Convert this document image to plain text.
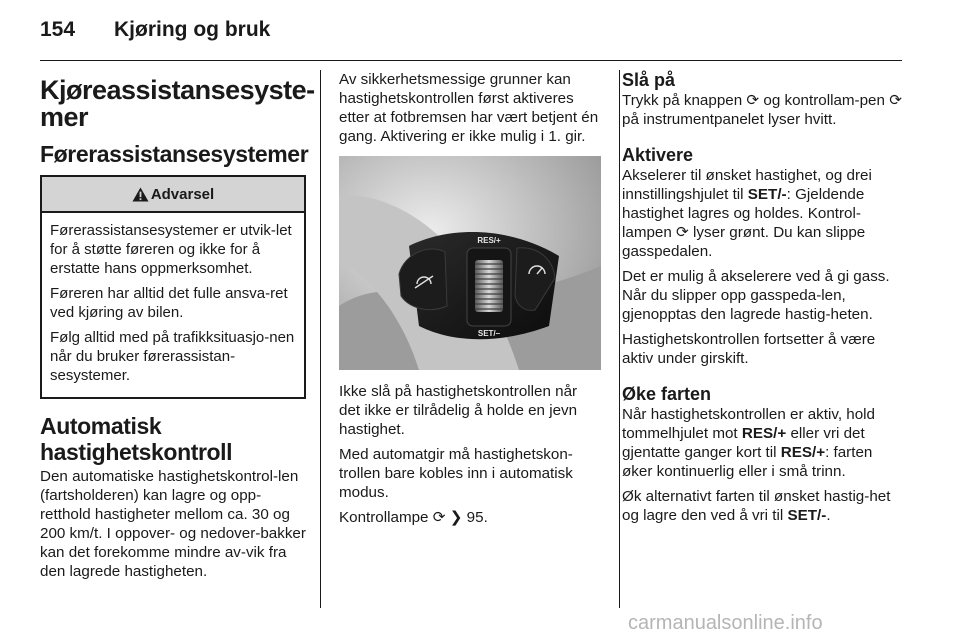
154 Kjøring og bruk
Kjøreassistansesyste-
mer
Førerassistansesystemer
Advarsel

Førerassistansesystemer er utvik-let for å støtte føreren og ikke for å erstatte hans oppmerksomhet.

Føreren har alltid det fulle ansva-ret ved kjøring av bilen.

Følg alltid med på trafikksituasjo-nen når du bruker førerassistan-sesystemer.

Automatisk
hastighetskontroll

Den automatiske hastighetskontrol-len (fartsholderen) kan lagre og opp-retthold hastigheter mellom ca. 30 og 200 km/t. I oppover- og nedover-bakker kan det forekomme mindre av-vik fra den lagrede hastigheten.

Av sikkerhetsmessige grunner kan hastighetskontrollen først aktiveres etter at fotbremsen har vært betjent én gang. Aktivering er ikke mulig i 1. gir.

RES/+
SET/–

Ikke slå på hastighetskontrollen når det ikke er tilrådelig å holde en jevn hastighet.

Med automatgir må hastighetskon-trollen bare kobles inn i automatisk modus.

Kontrollampe ⟳ ❯ 95.

Slå på

Trykk på knappen ⟳ og kontrollam-pen ⟳ på instrumentpanelet lyser hvitt.

Aktivere

Akselerer til ønsket hastighet, og drei innstillingshjulet til SET/-: Gjeldende hastighet lagres og holdes. Kontrol-lampen ⟳ lyser grønt. Du kan slippe gasspedalen.

Det er mulig å akselerere ved å gi gass. Når du slipper opp gasspeda-len, gjenopptas den lagrede hastig-heten.

Hastighetskontrollen fortsetter å være aktiv under girskift.

Øke farten

Når hastighetskontrollen er aktiv, hold tommelhjulet mot RES/+ eller vri det gjentatte ganger kort til RES/+: farten øker kontinuerlig eller i små trinn.

Øk alternativt farten til ønsket hastig-het og lagre den ved å vri til SET/-.

carmanualsonline.info
